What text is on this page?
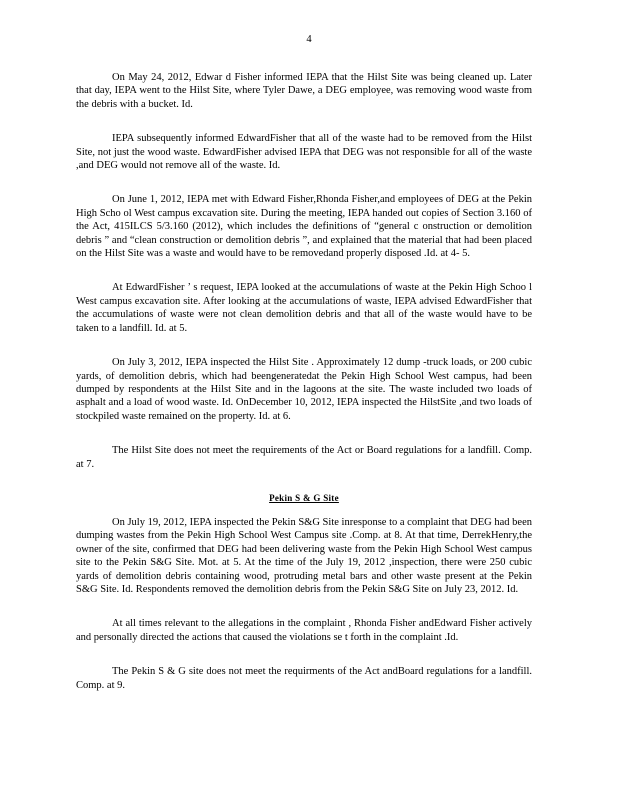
4

On May 24, 2012, Edwar d Fisher informed IEPA that the Hilst Site was being cleaned up. Later that day, IEPA went to the Hilst Site, where Tyler Dawe, a DEG employee, was removing wood waste from the debris with a bucket. Id.

IEPA subsequently informed EdwardFisher that all of the waste had to be removed from the Hilst Site, not just the wood waste. EdwardFisher advised IEPA that DEG was not responsible for all of the waste ,and DEG would not remove all of the waste. Id.

On June 1, 2012, IEPA met with Edward Fisher,Rhonda Fisher,and employees of DEG at the Pekin High Scho ol West campus excavation site. During the meeting, IEPA handed out copies of Section 3.160 of the Act, 415ILCS 5/3.160 (2012), which includes the definitions of “general c onstruction or demolition debris ” and “clean construction or demolition debris ”, and explained that the material that had been placed on the Hilst Site was a waste and would have to be removedand properly disposed .Id. at 4- 5.

At EdwardFisher ’ s request, IEPA looked at the accumulations of waste at the Pekin High Schoo l West campus excavation site. After looking at the accumulations of waste, IEPA advised EdwardFisher that the accumulations of waste were not clean demolition debris and that all of the waste would have to be taken to a landfill. Id. at 5.

On July 3, 2012, IEPA inspected the Hilst Site . Approximately 12 dump -truck loads, or 200 cubic yards, of demolition debris, which had beengeneratedat the Pekin High School West campus, had been dumped by respondents at the Hilst Site and in the lagoons at the site. The waste included two loads of asphalt and a load of wood waste. Id. OnDecember 10, 2012, IEPA inspected the HilstSite ,and two loads of stockpiled waste remained on the property. Id. at 6.

The Hilst Site does not meet the requirements of the Act or Board regulations for a landfill. Comp. at 7.

Pekin S & G Site

On July 19, 2012, IEPA inspected the Pekin S&G Site inresponse to a complaint that DEG had been dumping wastes from the Pekin High School West Campus site .Comp. at 8. At that time, DerrekHenry,the owner of the site, confirmed that DEG had been delivering waste from the Pekin High School West campus site to the Pekin S&G Site. Mot. at 5. At the time of the July 19, 2012 ,inspection, there were 250 cubic yards of demolition debris containing wood, protruding metal bars and other waste present at the Pekin S&G Site. Id. Respondents removed the demolition debris from the Pekin S&G Site on July 23, 2012. Id.

At all times relevant to the allegations in the complaint , Rhonda Fisher andEdward Fisher actively and personally directed the actions that caused the violations se t forth in the complaint .Id.

The Pekin S & G site does not meet the requirments of the Act andBoard regulations for a landfill. Comp. at 9.
